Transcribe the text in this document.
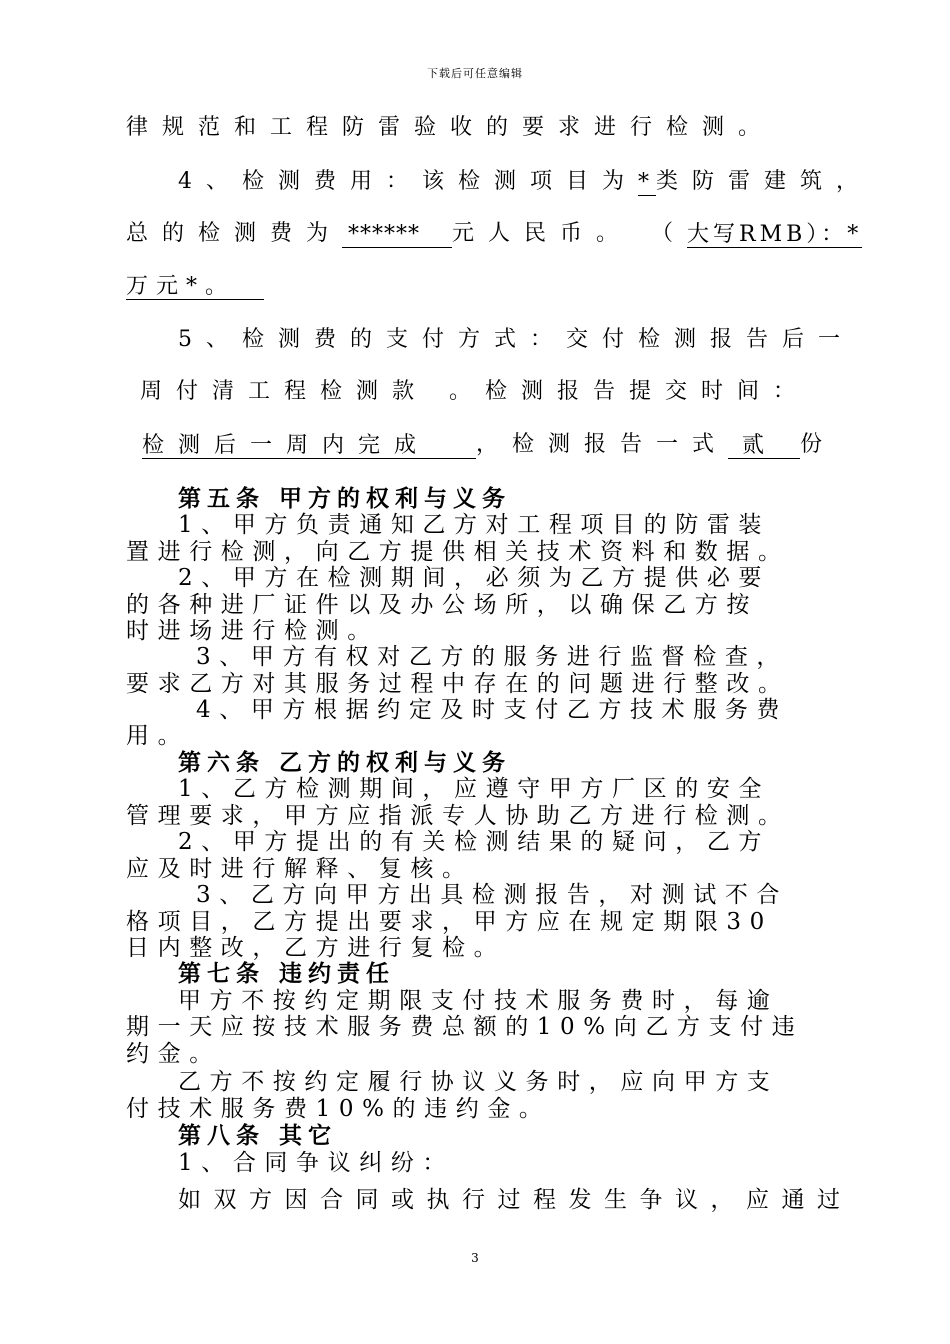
下载后可任意编辑
律规范和工程防雷验收的要求进行检测。
4、检测费用：该检测项目为*类防雷建筑，
总的检测费为 ****** 元人民币。 （大写RMB）：*
万元*。
5、检测费的支付方式：交付检测报告后一
周付清工程检测款 。检测报告提交时间：
检测后一周内完成 ，检测报告一式 贰 份
第五条 甲方的权利与义务
1、甲方负责通知乙方对工程项目的防雷装
置进行检测，向乙方提供相关技术资料和数据。
2、甲方在检测期间，必须为乙方提供必要
的各种进厂证件以及办公场所，以确保乙方按
时进场进行检测。
3、甲方有权对乙方的服务进行监督检查，
要求乙方对其服务过程中存在的问题进行整改。
4、甲方根据约定及时支付乙方技术服务费
用。
第六条 乙方的权利与义务
1、乙方检测期间，应遵守甲方厂区的安全
管理要求，甲方应指派专人协助乙方进行检测。
2、甲方提出的有关检测结果的疑问，乙方
应及时进行解释、复核。
3、乙方向甲方出具检测报告，对测试不合
格项目，乙方提出要求，甲方应在规定期限30
日内整改，乙方进行复检。
第七条 违约责任
甲方不按约定期限支付技术服务费时，每逾
期一天应按技术服务费总额的10%向乙方支付违
约金。
乙方不按约定履行协议义务时，应向甲方支
付技术服务费10%的违约金。
第八条 其它
1、合同争议纠纷：
如双方因合同或执行过程发生争议，应通过
3
